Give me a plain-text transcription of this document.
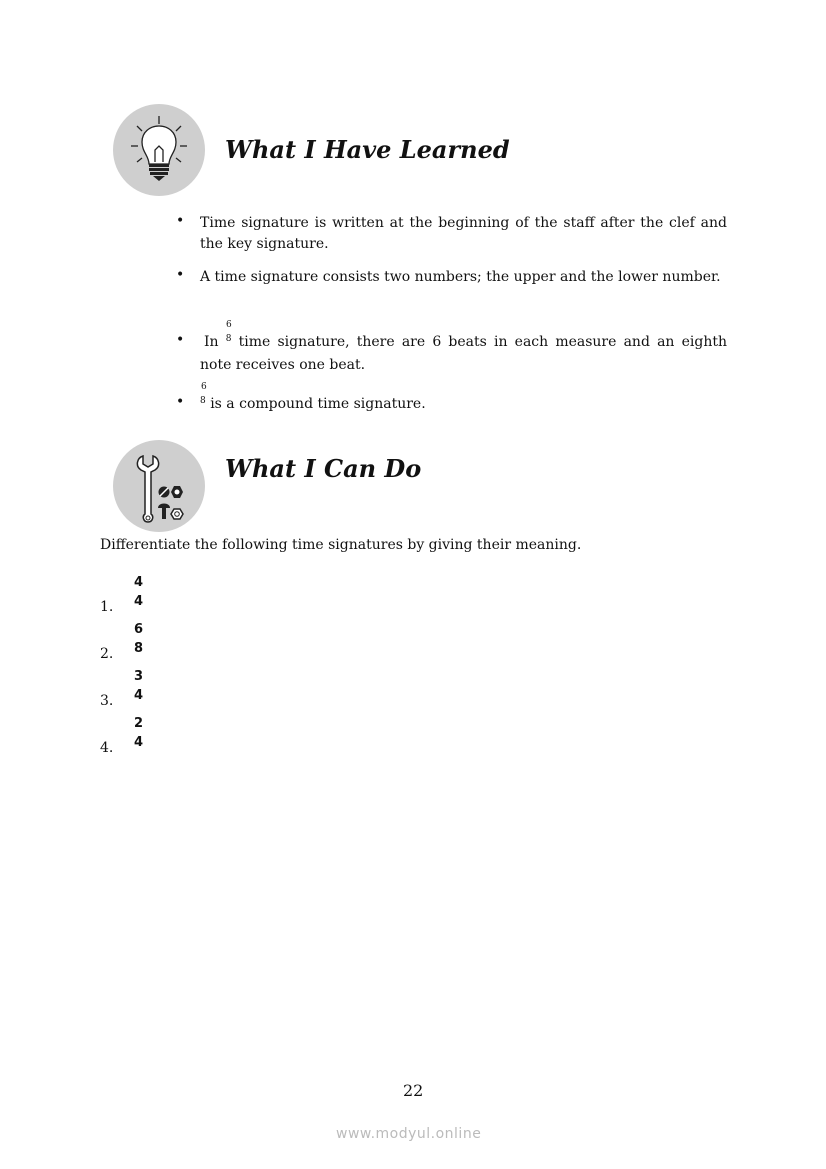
What I Have Learned
• Time signature is written at the beginning of the staff after the clef and the key signature.
• A time signature consists two numbers; the upper and the lower number.
6
• In $^8$ time signature, there are 6 beats in each measure and an eighth note receives one beat.
6
• $^8$ is a compound time signature.
What I Can Do
Differentiate the following time signatures by giving their meaning.
4
4
1.
6
8
2.
3
4
3.
2
4
4.
22
www.modyul.online
